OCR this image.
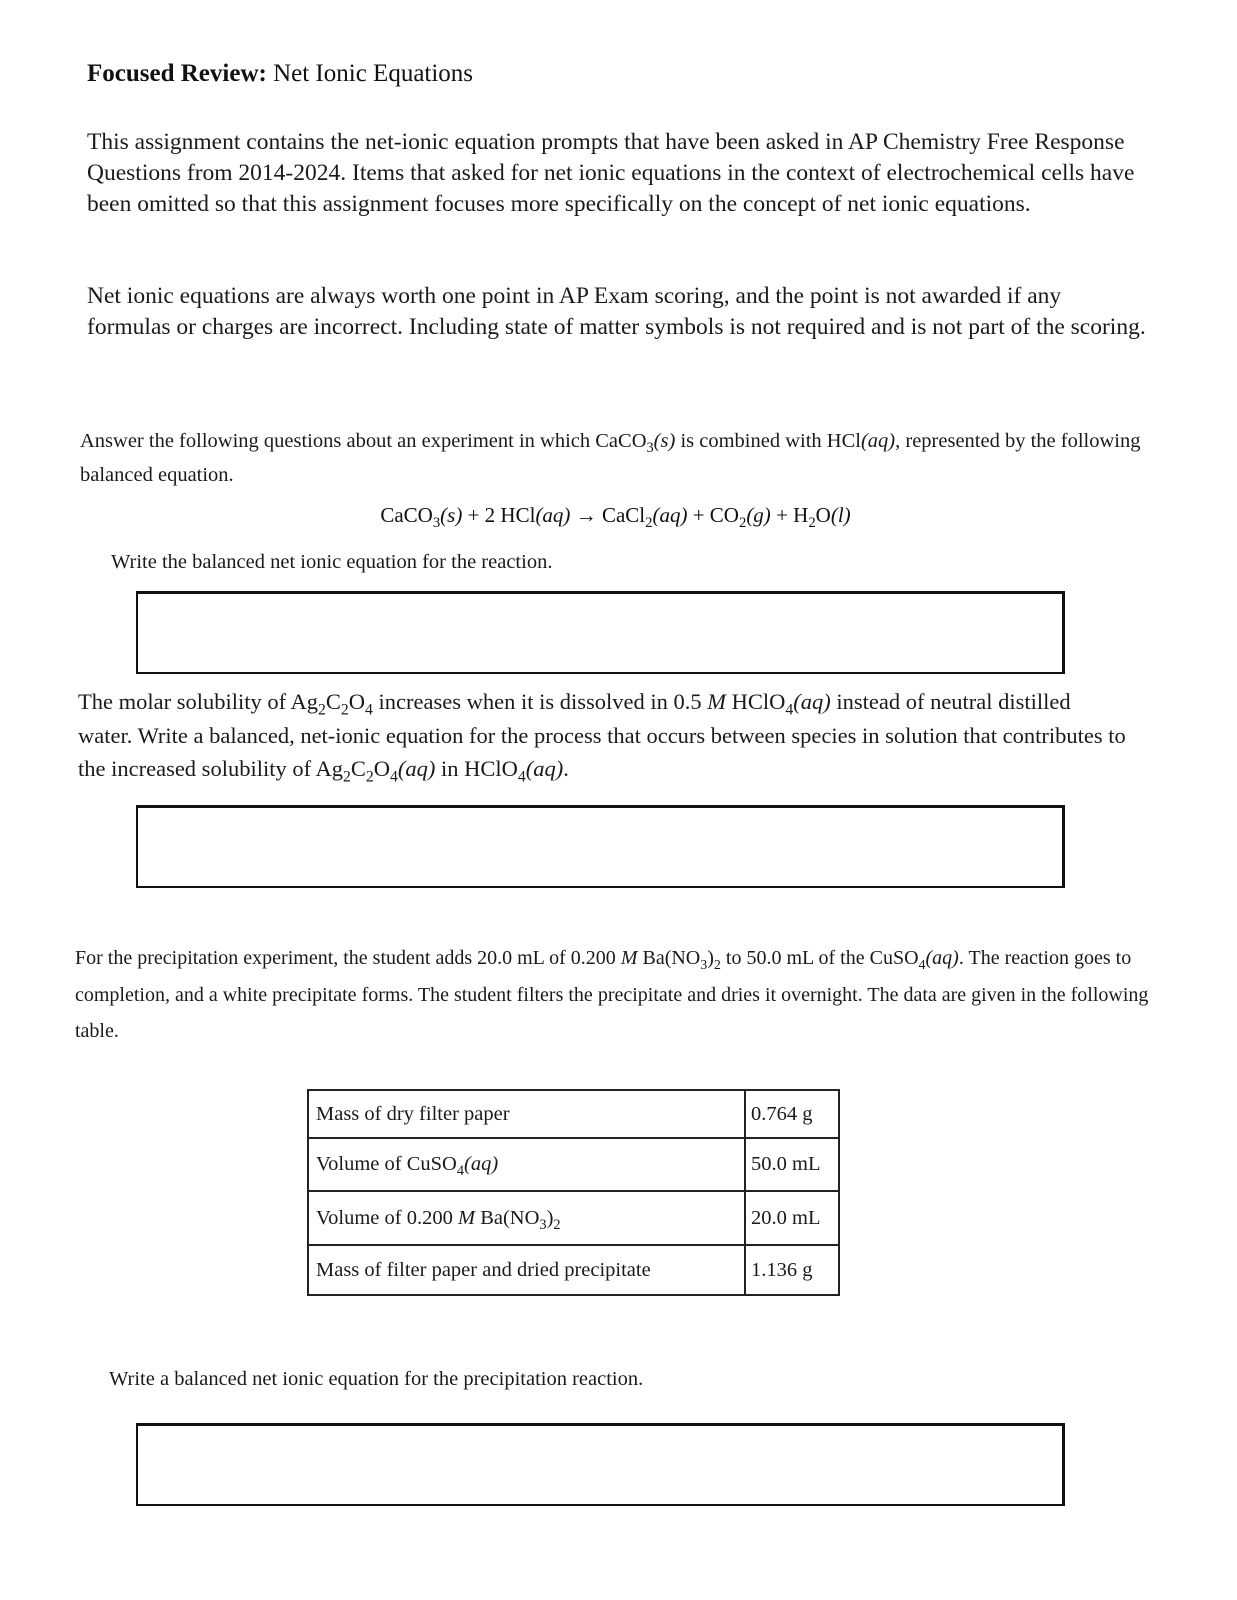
Focused Review: Net Ionic Equations

This assignment contains the net-ionic equation prompts that have been asked in AP Chemistry Free Response Questions from 2014-2024. Items that asked for net ionic equations in the context of electrochemical cells have been omitted so that this assignment focuses more specifically on the concept of net ionic equations.

Net ionic equations are always worth one point in AP Exam scoring, and the point is not awarded if any formulas or charges are incorrect. Including state of matter symbols is not required and is not part of the scoring.

Answer the following questions about an experiment in which CaCO$_3$(s) is combined with HCl(aq), represented by the following balanced equation.

CaCO$_3$(s) + 2 HCl(aq) → CaCl$_2$(aq) + $CO_2(g) + H_2O(l)$

Write the balanced net ionic equation for the reaction.

The molar solubility of $Ag_2C_2O_4$ increases when it is dissolved in 0.5 M HClO$_4$(aq) instead of neutral distilled water. Write a balanced, net-ionic equation for the process that occurs between species in solution that contributes to the increased solubility of $Ag_2C_2O_4(aq)$ in HClO$_4$(aq).

For the precipitation experiment, the student adds 20.0 mL of 0.200 M $Ba(NO_3)_2$ to 50.0 mL of the CuSO$_4$(aq). The reaction goes to completion, and a white precipitate forms. The student filters the precipitate and dries it overnight. The data are given in the following table.

Mass of dry filter paper	0.764 g
Volume of CuSO$_4$(aq)	50.0 mL
Volume of 0.200 M $Ba(NO_3)_2$	20.0 mL
Mass of filter paper and dried precipitate	1.136 g

Write a balanced net ionic equation for the precipitation reaction.
